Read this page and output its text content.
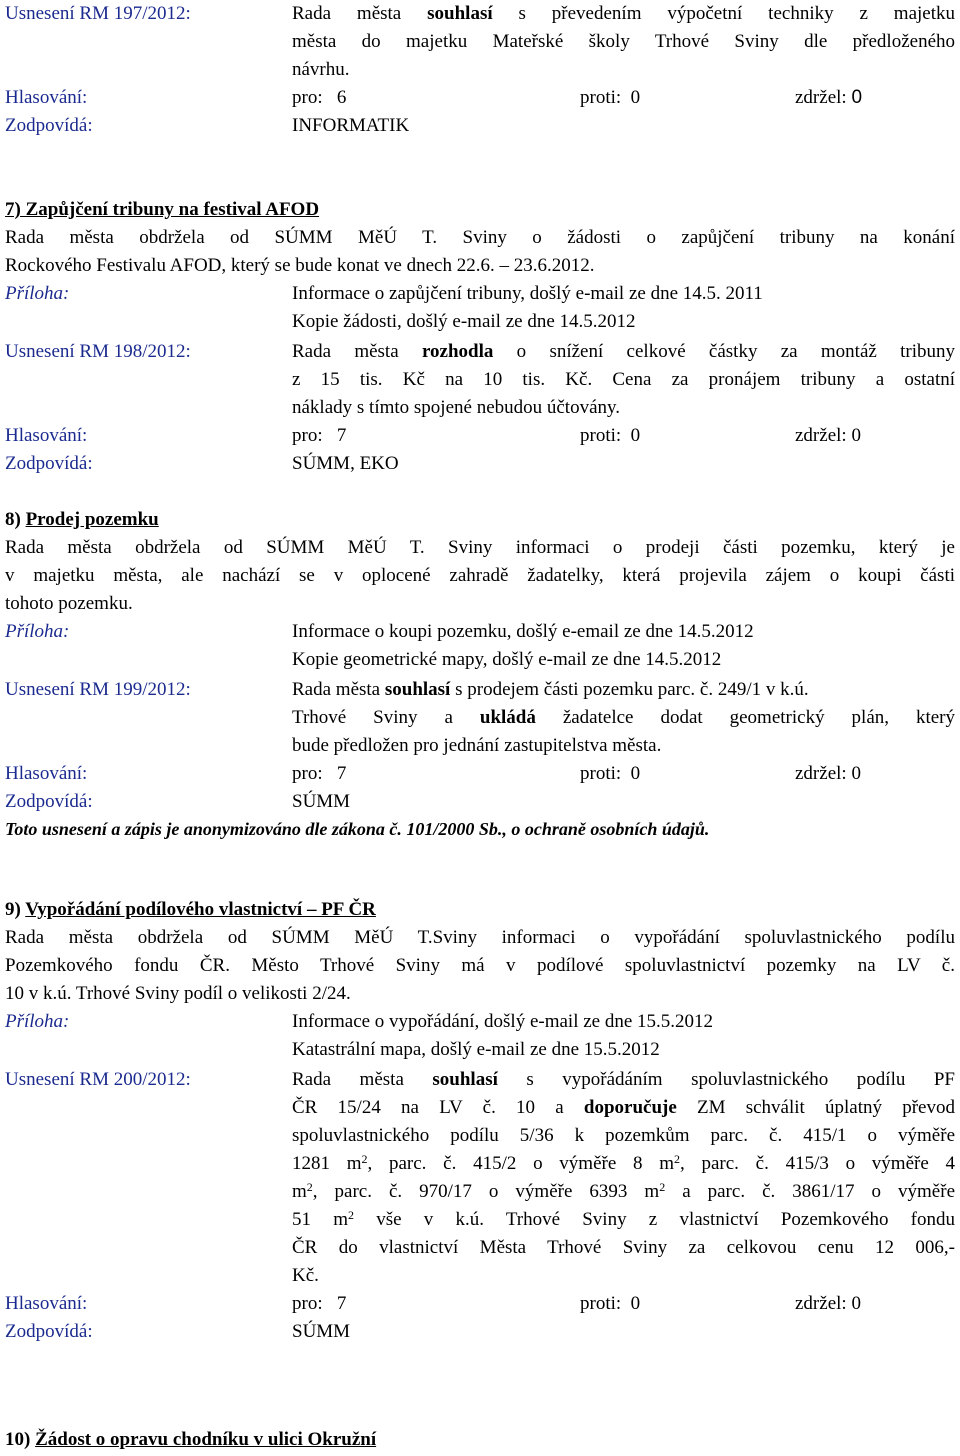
Usnesení RM 197/2012:	Rada města souhlasí s převedením výpočetní techniky z majetku
města do majetku Mateřské školy Trhové Sviny dle předloženého
návrhu.
Hlasování:	pro: 6	proti: 0	zdržel: 0
Zodpovídá:	INFORMATIK
7) Zapůjčení tribuny na festival AFOD
Rada města obdržela od SÚMM MěÚ T. Sviny o žádosti o zapůjčení tribuny na konání
Rockového Festivalu AFOD, který se bude konat ve dnech 22.6. – 23.6.2012.
Příloha:	Informace o zapůjčení tribuny, došlý e-mail ze dne 14.5. 2011
Kopie žádosti, došlý e-mail ze dne 14.5.2012
Usnesení RM 198/2012:	Rada města rozhodla o snížení celkové částky za montáž tribuny
z 15 tis. Kč na 10 tis. Kč. Cena za pronájem tribuny a ostatní
náklady s tímto spojené nebudou účtovány.
Hlasování:	pro: 7	proti: 0	zdržel: 0
Zodpovídá:	SÚMM, EKO
8) Prodej pozemku
Rada města obdržela od SÚMM MěÚ T. Sviny informaci o prodeji části pozemku, který je
v majetku města, ale nachází se v oplocené zahradě žadatelky, která projevila zájem o koupi části
tohoto pozemku.
Příloha:	Informace o koupi pozemku, došlý e-email ze dne 14.5.2012
Kopie geometrické mapy, došlý e-mail ze dne 14.5.2012
Usnesení RM 199/2012:	Rada města souhlasí s prodejem části pozemku parc. č. 249/1 v k.ú.
Trhové Sviny a ukládá žadatelce dodat geometrický plán, který
bude předložen pro jednání zastupitelstva města.
Hlasování:	pro: 7	proti: 0	zdržel: 0
Zodpovídá:	SÚMM
Toto usnesení a zápis je anonymizováno dle zákona č. 101/2000 Sb., o ochraně osobních údajů.
9) Vypořádání podílového vlastnictví – PF ČR
Rada města obdržela od SÚMM MěÚ T.Sviny informaci o vypořádání spoluvlastnického podílu
Pozemkového fondu ČR. Město Trhové Sviny má v podílové spoluvlastnictví pozemky na LV č.
10 v k.ú. Trhové Sviny podíl o velikosti 2/24.
Příloha:	Informace o vypořádání, došlý e-mail ze dne 15.5.2012
Katastrální mapa, došlý e-mail ze dne 15.5.2012
Usnesení RM 200/2012:	Rada města souhlasí s vypořádáním spoluvlastnického podílu PF
ČR 15/24 na LV č. 10 a doporučuje ZM schválit úplatný převod
spoluvlastnického podílu 5/36 k pozemkům parc. č. 415/1 o výměře
1281 $m^2$, parc. č. 415/2 o výměře 8 $m^2$, parc. č. 415/3 o výměře 4
$m^2$, parc. č. 970/17 o výměře 6393 $m^2$ a parc. č. 3861/17 o výměře
51 $m^2$ vše v k.ú. Trhové Sviny z vlastnictví Pozemkového fondu
ČR do vlastnictví Města Trhové Sviny za celkovou cenu 12 006,-
Kč.
Hlasování:	pro: 7	proti: 0	zdržel: 0
Zodpovídá:	SÚMM
10) Žádost o opravu chodníku v ulici Okružní
